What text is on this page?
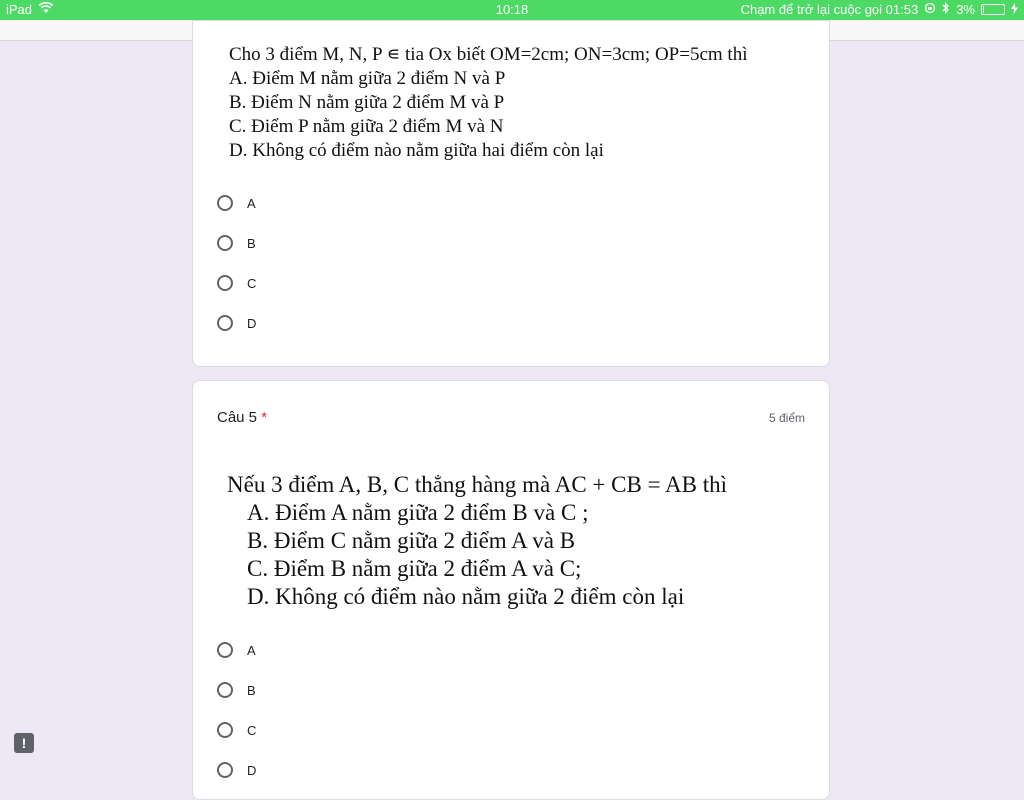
iPad	10:18	Chạm để trở lại cuộc gọi 01:53	3%
Cho 3 điểm M, N, P ∊ tia Ox biết OM=2cm; ON=3cm; OP=5cm thì
A. Điểm M nằm giữa 2 điểm N và P
B. Điểm N nằm giữa 2 điểm M và P
C. Điểm P nằm giữa 2 điểm M và N
D. Không có điểm nào nằm giữa hai điểm còn lại
A
B
C
D
Câu 5 *	5 điểm
Nếu 3 điểm A, B, C thẳng hàng mà AC + CB = AB thì
A. Điểm A nằm giữa 2 điểm B và C ;
B. Điểm C nằm giữa 2 điểm A và B
C. Điểm B nằm giữa 2 điểm A và C;
D. Không có điểm nào nằm giữa 2 điểm còn lại
A
B
C
D
!
